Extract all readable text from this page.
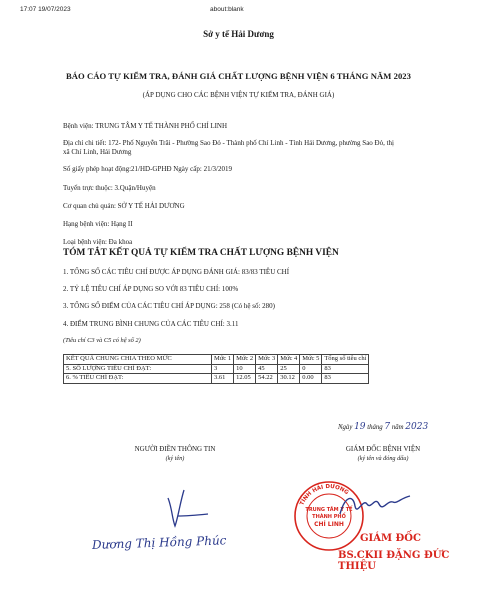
17:07 19/07/2023	about:blank
Sở y tế Hải Dương
BÁO CÁO TỰ KIỂM TRA, ĐÁNH GIÁ CHẤT LƯỢNG BỆNH VIỆN 6 THÁNG NĂM 2023
(ÁP DỤNG CHO CÁC BỆNH VIỆN TỰ KIỂM TRA, ĐÁNH GIÁ)
Bệnh viện: TRUNG TÂM Y TẾ THÀNH PHỐ CHÍ LINH
Địa chỉ chi tiết: 172- Phố Nguyễn Trãi - Phường Sao Đỏ - Thành phố Chí Linh - Tỉnh Hải Dương, phường Sao Đỏ, thị
xã Chí Linh, Hải Dương
Số giấy phép hoạt động:21/HD-GPHĐ Ngày cấp: 21/3/2019
Tuyến trực thuộc: 3.Quận/Huyện
Cơ quan chủ quản: SỞ Y TẾ HẢI DƯƠNG
Hạng bệnh viện: Hạng II
Loại bệnh viện: Đa khoa
TÓM TẮT KẾT QUẢ TỰ KIỂM TRA CHẤT LƯỢNG BỆNH VIỆN
1. TỔNG SỐ CÁC TIÊU CHÍ ĐƯỢC ÁP DỤNG ĐÁNH GIÁ: 83/83 TIÊU CHÍ
2. TỶ LỆ TIÊU CHÍ ÁP DỤNG SO VỚI 83 TIÊU CHÍ: 100%
3. TỔNG SỐ ĐIỂM CỦA CÁC TIÊU CHÍ ÁP DỤNG: 258 (Có hệ số: 280)
4. ĐIỂM TRUNG BÌNH CHUNG CỦA CÁC TIÊU CHÍ: 3.11
(Tiêu chí C3 và C5 có hệ số 2)
KẾT QUẢ CHUNG CHIA THEO MỨC	Mức 1	Mức 2	Mức 3	Mức 4	Mức 5	Tổng số tiêu chí
5. SỐ LƯỢNG TIÊU CHÍ ĐẠT:	3	10	45	25	0	83
6. % TIÊU CHÍ ĐẠT:	3.61	12.05	54.22	30.12	0.00	83
Ngày 19 tháng 7 năm 2023
NGƯỜI ĐIỀN THÔNG TIN
(ký tên)
Dương Thị Hồng Phúc
GIÁM ĐỐC BỆNH VIỆN
(ký tên và đóng dấu)
TỈNH HẢI DƯƠNG
TRUNG TÂM Y TẾ
THÀNH PHỐ
CHÍ LINH
GIÁM ĐỐC
BS.CKII ĐẶNG ĐỨC THIỆU
